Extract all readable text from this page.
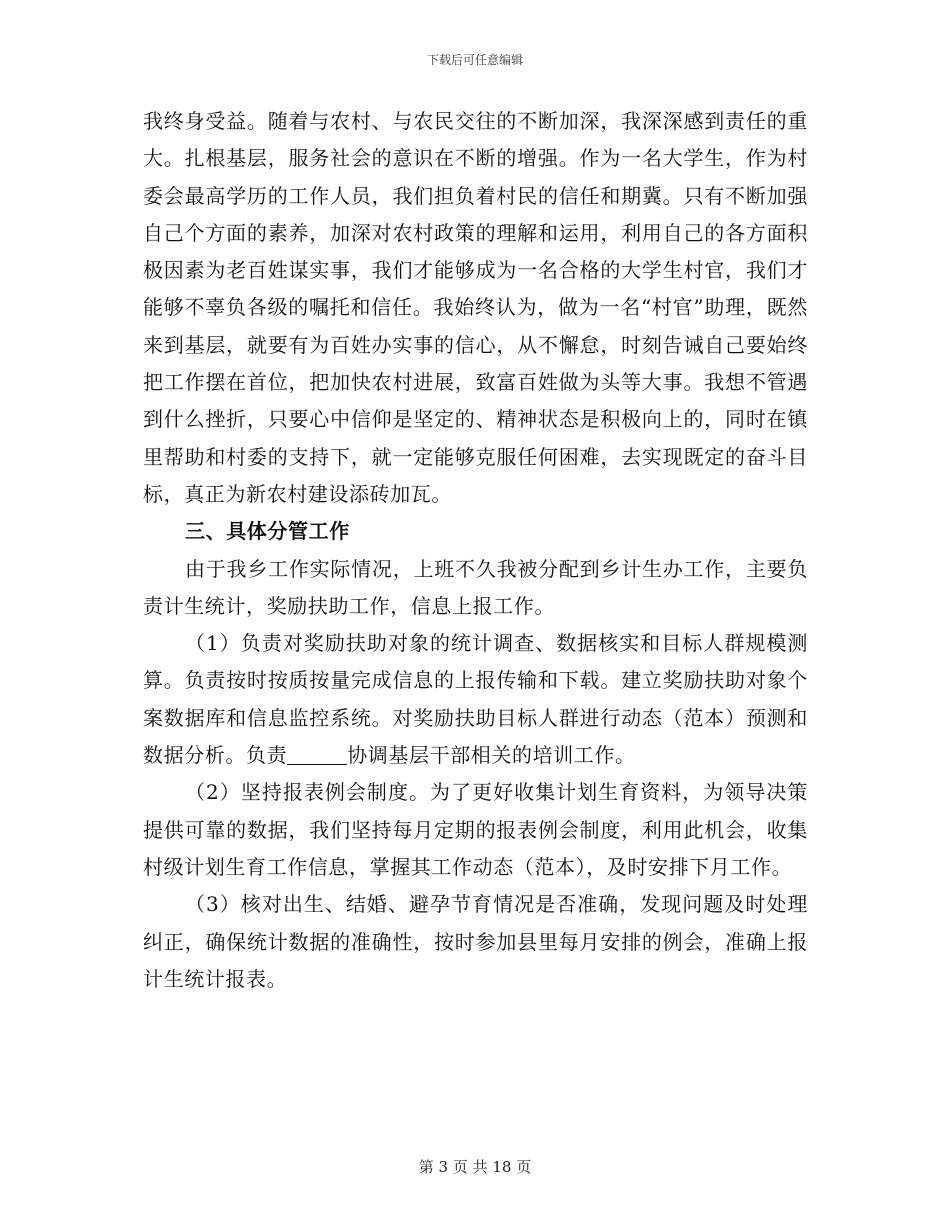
下载后可任意编辑

我终身受益。随着与农村、与农民交往的不断加深，我深深感到责任的重大。扎根基层，服务社会的意识在不断的增强。作为一名大学生，作为村委会最高学历的工作人员，我们担负着村民的信任和期冀。只有不断加强自己个方面的素养，加深对农村政策的理解和运用，利用自己的各方面积极因素为老百姓谋实事，我们才能够成为一名合格的大学生村官，我们才能够不辜负各级的嘱托和信任。我始终认为，做为一名“村官”助理，既然来到基层，就要有为百姓办实事的信心，从不懈怠，时刻告诫自己要始终把工作摆在首位，把加快农村进展，致富百姓做为头等大事。我想不管遇到什么挫折，只要心中信仰是坚定的、精神状态是积极向上的，同时在镇里帮助和村委的支持下，就一定能够克服任何困难，去实现既定的奋斗目标，真正为新农村建设添砖加瓦。

三、具体分管工作

由于我乡工作实际情况，上班不久我被分配到乡计生办工作，主要负责计生统计，奖励扶助工作，信息上报工作。

（1）负责对奖励扶助对象的统计调查、数据核实和目标人群规模测算。负责按时按质按量完成信息的上报传输和下载。建立奖励扶助对象个案数据库和信息监控系统。对奖励扶助目标人群进行动态（范本）预测和数据分析。负责	协调基层干部相关的培训工作。

（2）坚持报表例会制度。为了更好收集计划生育资料，为领导决策提供可靠的数据，我们坚持每月定期的报表例会制度，利用此机会，收集村级计划生育工作信息，掌握其工作动态（范本），及时安排下月工作。

（3）核对出生、结婚、避孕节育情况是否准确，发现问题及时处理纠正，确保统计数据的准确性，按时参加县里每月安排的例会，准确上报计生统计报表。

第 3 页 共 18 页
